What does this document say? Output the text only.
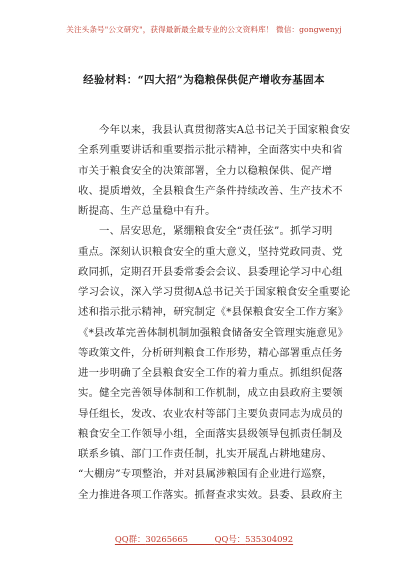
关注头条号"公文研究"，获得最新最全最专业的公文资料库！ 微信：gongwenyj
经验材料：“四大招”为稳粮保供促产增收夯基固本
今年以来，我县认真贯彻落实A总书记关于国家粮食安
全系列重要讲话和重要指示批示精神，全面落实中央和省
市关于粮食安全的决策部署，全力以稳粮保供、促产增
收、提质增效，全县粮食生产条件持续改善、生产技术不
断提高、生产总量稳中有升。
一、居安思危，紧绷粮食安全“责任弦”。抓学习明
重点。深刻认识粮食安全的重大意义，坚持党政同责、党
政同抓，定期召开县委常委会会议、县委理论学习中心组
学习会议，深入学习贯彻A总书记关于国家粮食安全重要论
述和指示批示精神，研究制定《*县保粮食安全工作方案》
《*县改革完善体制机制加强粮食储备安全管理实施意见》
等政策文件，分析研判粮食工作形势，精心部署重点任务
进一步明确了全县粮食安全工作的着力重点。抓组织促落
实。健全完善领导体制和工作机制，成立由县政府主要领
导任组长，发改、农业农村等部门主要负责同志为成员的
粮食安全工作领导小组，全面落实县级领导包抓责任制及
联系乡镇、部门工作责任制，扎实开展乱占耕地建房、
“大棚房”专项整治，并对县属涉粮国有企业进行巡察，
全力推进各项工作落实。抓督查求实效。县委、县政府主
QQ群：30265665	QQ号：535304092
